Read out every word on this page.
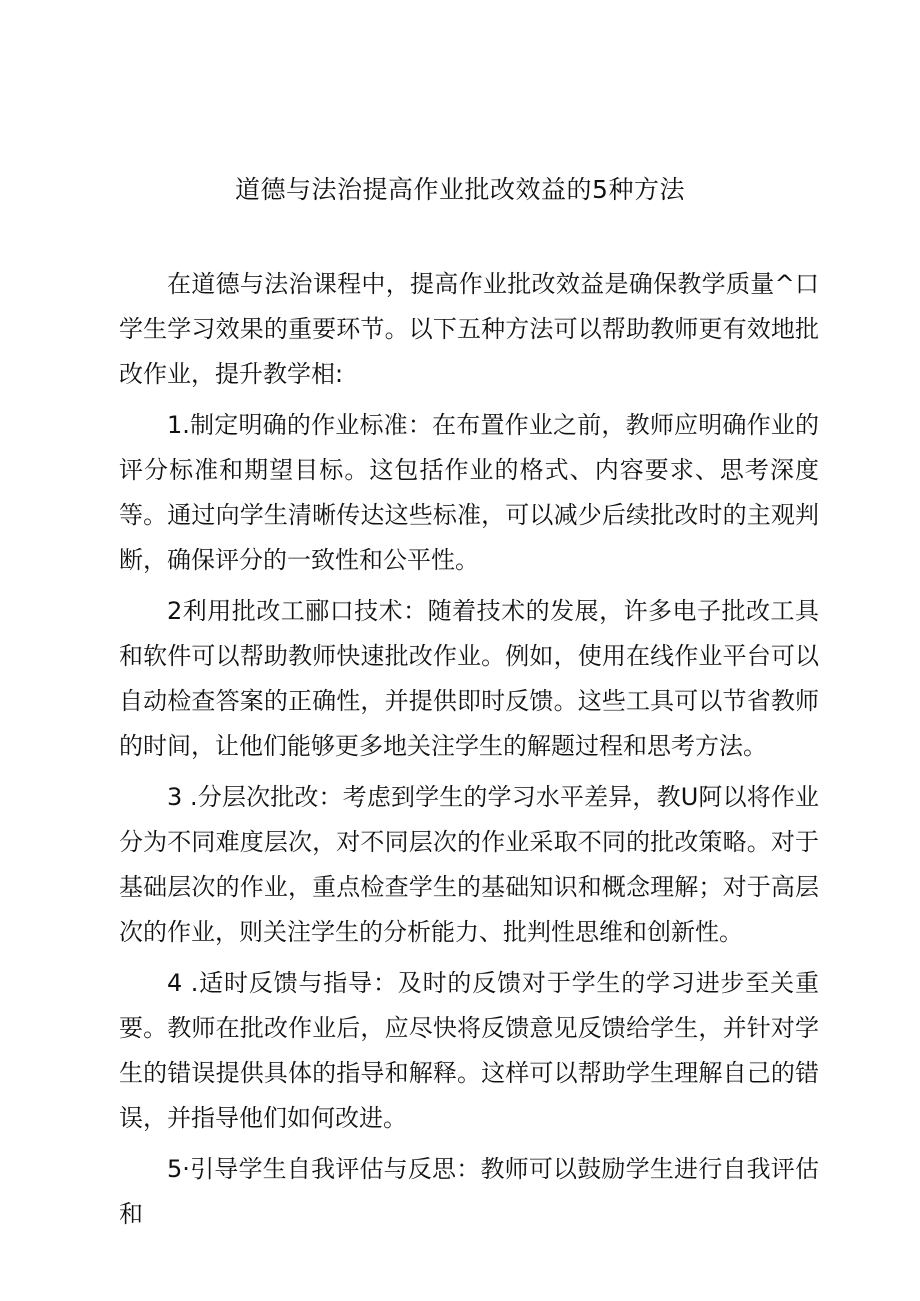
道德与法治提高作业批改效益的5种方法

在道德与法治课程中，提高作业批改效益是确保教学质量^口学生学习效果的重要环节。以下五种方法可以帮助教师更有效地批改作业，提升教学相:

1.制定明确的作业标准：在布置作业之前，教师应明确作业的评分标准和期望目标。这包括作业的格式、内容要求、思考深度等。通过向学生清晰传达这些标准，可以减少后续批改时的主观判断，确保评分的一致性和公平性。

2利用批改工郦口技术：随着技术的发展，许多电子批改工具和软件可以帮助教师快速批改作业。例如，使用在线作业平台可以自动检查答案的正确性，并提供即时反馈。这些工具可以节省教师的时间，让他们能够更多地关注学生的解题过程和思考方法。

3 .分层次批改：考虑到学生的学习水平差异，教U阿以将作业分为不同难度层次，对不同层次的作业采取不同的批改策略。对于基础层次的作业，重点检查学生的基础知识和概念理解；对于高层次的作业，则关注学生的分析能力、批判性思维和创新性。

4 .适时反馈与指导：及时的反馈对于学生的学习进步至关重要。教师在批改作业后，应尽快将反馈意见反馈给学生，并针对学生的错误提供具体的指导和解释。这样可以帮助学生理解自己的错误，并指导他们如何改进。

5·引导学生自我评估与反思：教师可以鼓励学生进行自我评估和
